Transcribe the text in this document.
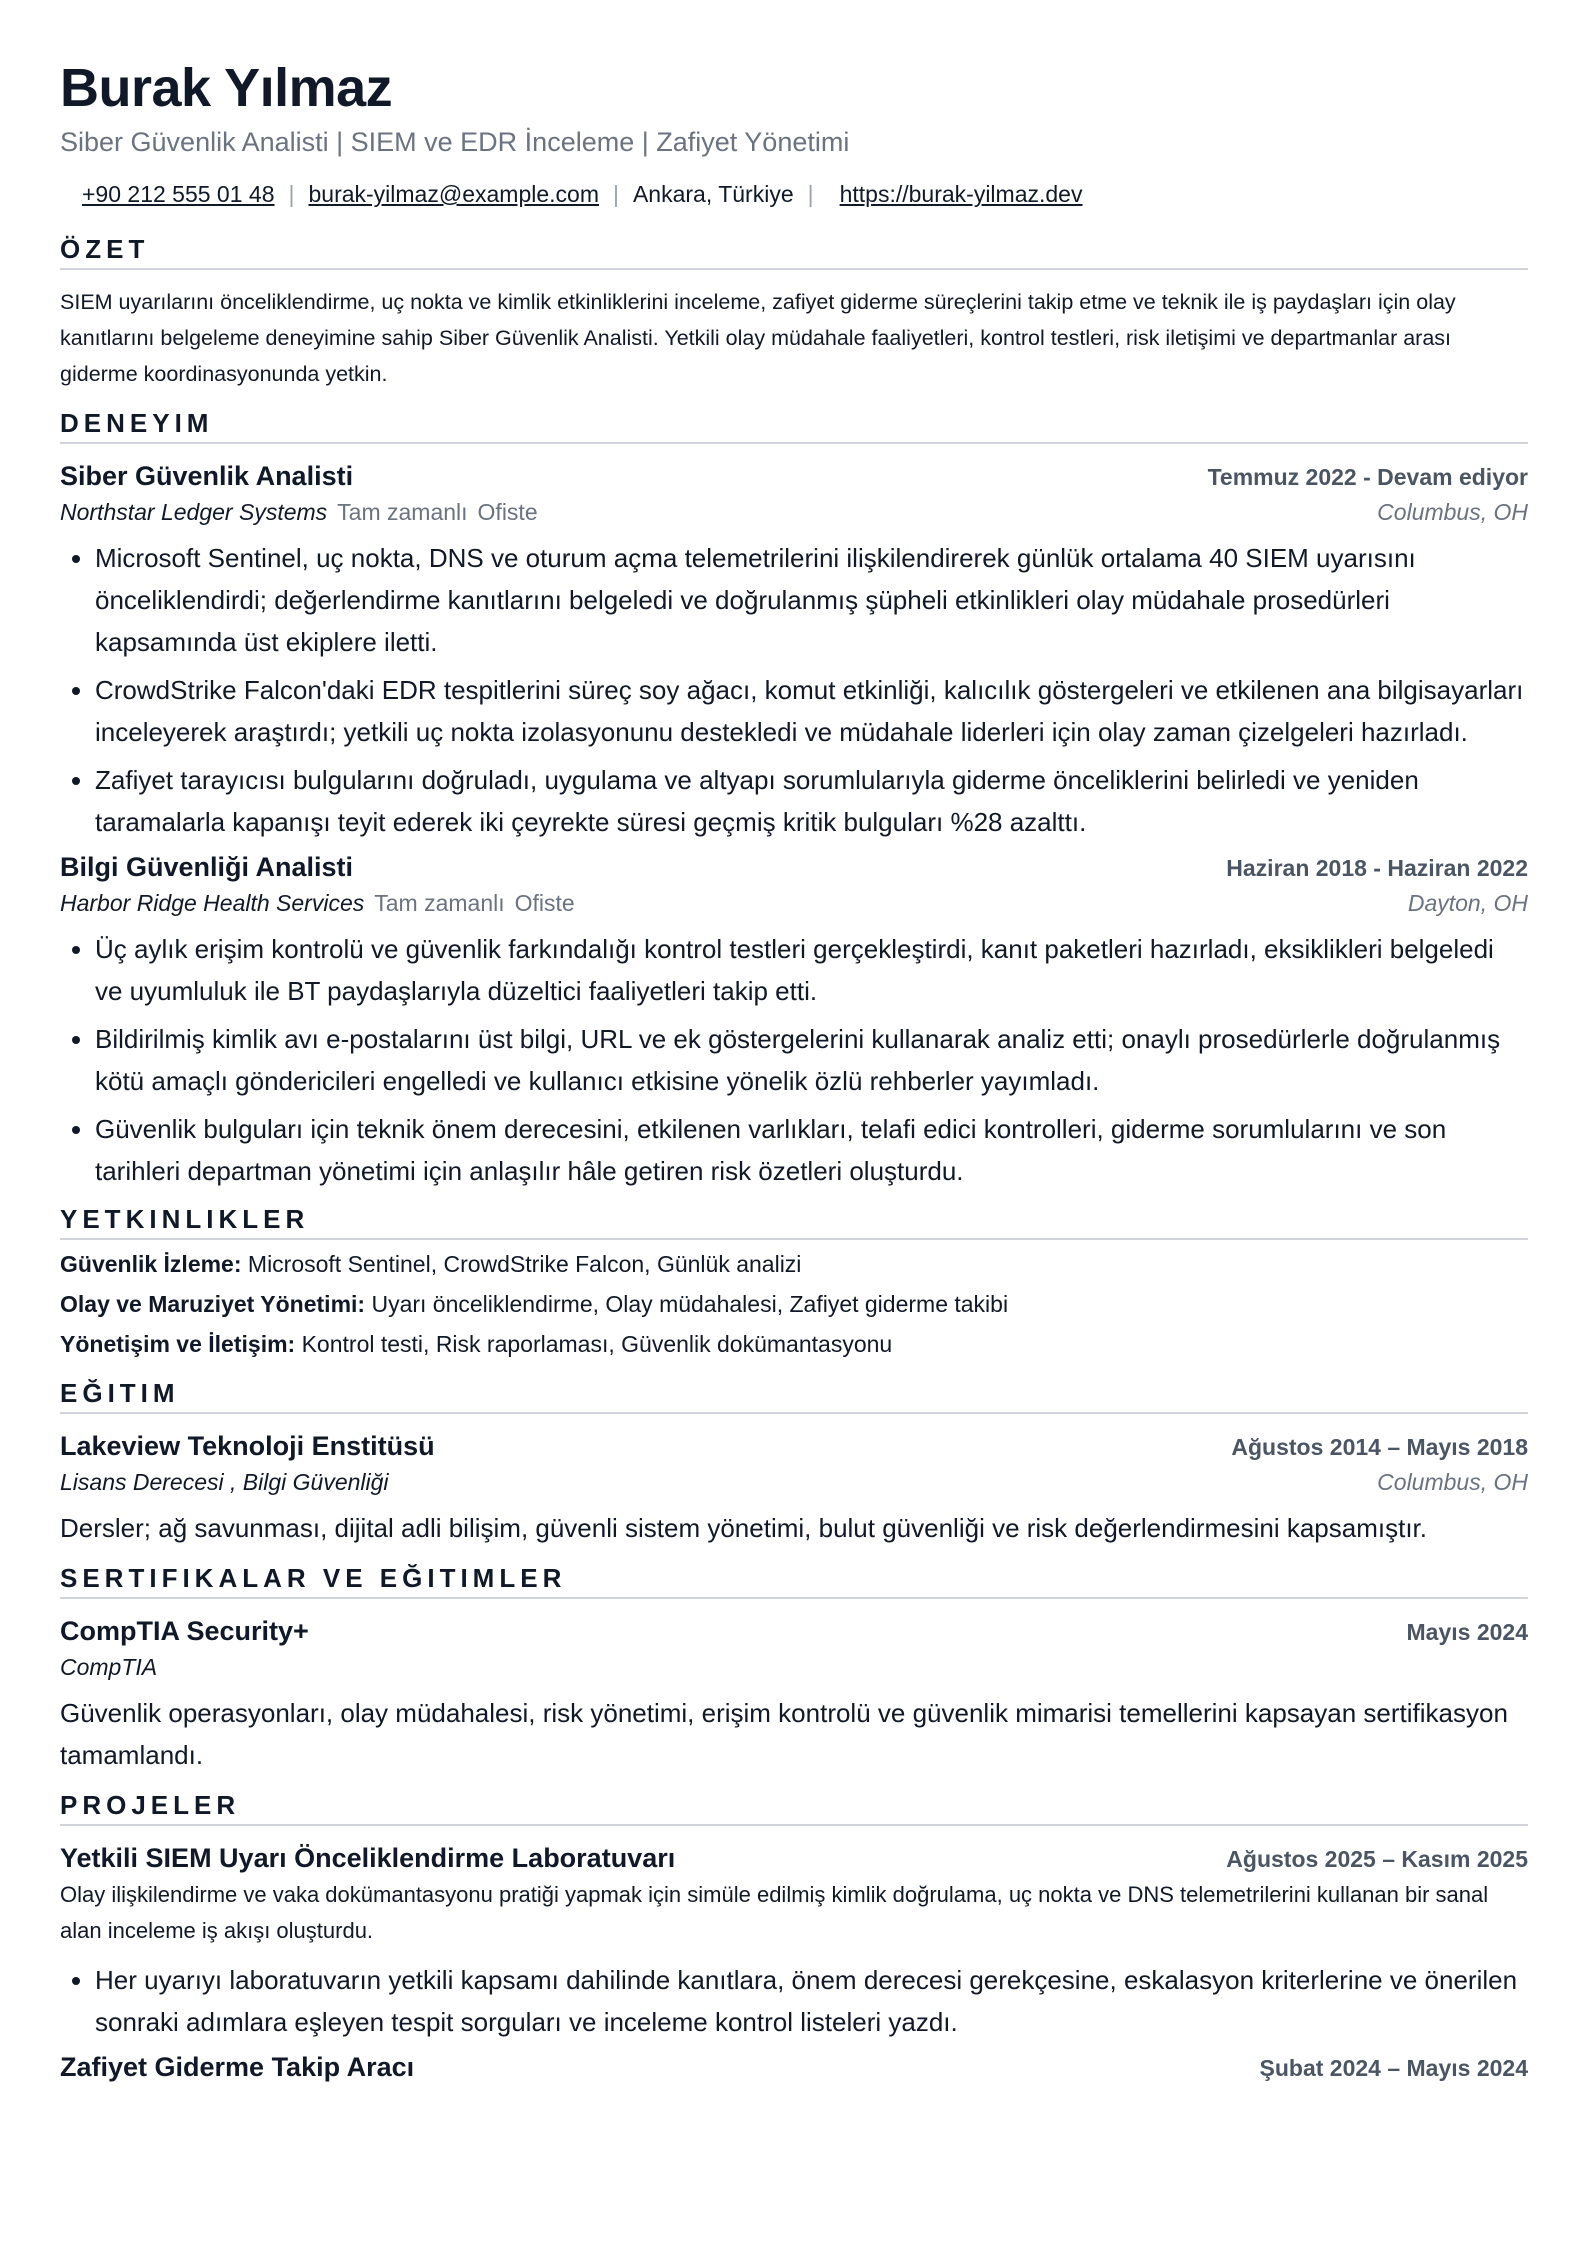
Burak Yılmaz
Siber Güvenlik Analisti | SIEM ve EDR İnceleme | Zafiyet Yönetimi
+90 212 555 01 48 | burak-yilmaz@example.com | Ankara, Türkiye | https://burak-yilmaz.dev
ÖZET
SIEM uyarılarını önceliklendirme, uç nokta ve kimlik etkinliklerini inceleme, zafiyet giderme süreçlerini takip etme ve teknik ile iş paydaşları için olay kanıtlarını belgeleme deneyimine sahip Siber Güvenlik Analisti. Yetkili olay müdahale faaliyetleri, kontrol testleri, risk iletişimi ve departmanlar arası giderme koordinasyonunda yetkin.
DENEYIM
Siber Güvenlik Analisti	Temmuz 2022 - Devam ediyor
Northstar Ledger Systems Tam zamanlı Ofiste	Columbus, OH
• Microsoft Sentinel, uç nokta, DNS ve oturum açma telemetrilerini ilişkilendirerek günlük ortalama 40 SIEM uyarısını önceliklendirdi; değerlendirme kanıtlarını belgeledi ve doğrulanmış şüpheli etkinlikleri olay müdahale prosedürleri kapsamında üst ekiplere iletti.
• CrowdStrike Falcon'daki EDR tespitlerini süreç soy ağacı, komut etkinliği, kalıcılık göstergeleri ve etkilenen ana bilgisayarları inceleyerek araştırdı; yetkili uç nokta izolasyonunu destekledi ve müdahale liderleri için olay zaman çizelgeleri hazırladı.
• Zafiyet tarayıcısı bulgularını doğruladı, uygulama ve altyapı sorumlularıyla giderme önceliklerini belirledi ve yeniden taramalarla kapanışı teyit ederek iki çeyrekte süresi geçmiş kritik bulguları %28 azalttı.
Bilgi Güvenliği Analisti	Haziran 2018 - Haziran 2022
Harbor Ridge Health Services Tam zamanlı Ofiste	Dayton, OH
• Üç aylık erişim kontrolü ve güvenlik farkındalığı kontrol testleri gerçekleştirdi, kanıt paketleri hazırladı, eksiklikleri belgeledi ve uyumluluk ile BT paydaşlarıyla düzeltici faaliyetleri takip etti.
• Bildirilmiş kimlik avı e-postalarını üst bilgi, URL ve ek göstergelerini kullanarak analiz etti; onaylı prosedürlerle doğrulanmış kötü amaçlı göndericileri engelledi ve kullanıcı etkisine yönelik özlü rehberler yayımladı.
• Güvenlik bulguları için teknik önem derecesini, etkilenen varlıkları, telafi edici kontrolleri, giderme sorumlularını ve son tarihleri departman yönetimi için anlaşılır hâle getiren risk özetleri oluşturdu.
YETKINLIKLER
Güvenlik İzleme: Microsoft Sentinel, CrowdStrike Falcon, Günlük analizi
Olay ve Maruziyet Yönetimi: Uyarı önceliklendirme, Olay müdahalesi, Zafiyet giderme takibi
Yönetişim ve İletişim: Kontrol testi, Risk raporlaması, Güvenlik dokümantasyonu
EĞITIM
Lakeview Teknoloji Enstitüsü	Ağustos 2014 – Mayıs 2018
Lisans Derecesi , Bilgi Güvenliği	Columbus, OH
Dersler; ağ savunması, dijital adli bilişim, güvenli sistem yönetimi, bulut güvenliği ve risk değerlendirmesini kapsamıştır.
SERTIFIKALAR VE EĞITIMLER
CompTIA Security+	Mayıs 2024
CompTIA
Güvenlik operasyonları, olay müdahalesi, risk yönetimi, erişim kontrolü ve güvenlik mimarisi temellerini kapsayan sertifikasyon tamamlandı.
PROJELER
Yetkili SIEM Uyarı Önceliklendirme Laboratuvarı	Ağustos 2025 – Kasım 2025
Olay ilişkilendirme ve vaka dokümantasyonu pratiği yapmak için simüle edilmiş kimlik doğrulama, uç nokta ve DNS telemetrilerini kullanan bir sanal alan inceleme iş akışı oluşturdu.
• Her uyarıyı laboratuvarın yetkili kapsamı dahilinde kanıtlara, önem derecesi gerekçesine, eskalasyon kriterlerine ve önerilen sonraki adımlara eşleyen tespit sorguları ve inceleme kontrol listeleri yazdı.
Zafiyet Giderme Takip Aracı	Şubat 2024 – Mayıs 2024
